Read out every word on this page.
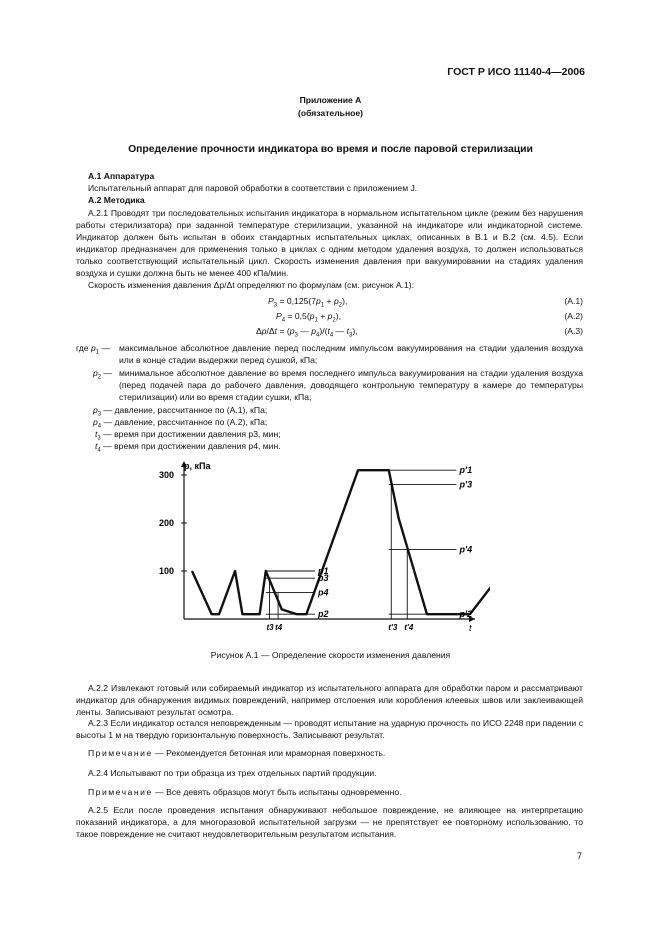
ГОСТ Р ИСО 11140-4—2006
Приложение А
(обязательное)
Определение прочности индикатора во время и после паровой стерилизации
А.1 Аппаратура
Испытательный аппарат для паровой обработки в соответствии с приложением J.
А.2 Методика

А.2.1 Проводят три последовательных испытания индикатора в нормальном испытательном цикле (режим без нарушения работы стерилизатора) при заданной температуре стерилизации, указанной на индикаторе или индикаторной системе. Индикатор должен быть испытан в обоих стандартных испытательных циклах, описанных в В.1 и В.2 (см. 4.5). Если индикатор предназначен для применения только в циклах с одним методом удаления воздуха, то должен использоваться только соответствующий испытательный цикл. Скорость изменения давления при вакуумировании на стадиях удаления воздуха и сушки должна быть не менее 400 кПа/мин.

Скорость изменения давления Δp/Δt определяют по формулам (см. рисунок А.1):
$P_3 = 0,125(7p_1 + p_2)$,	(А.1)
$P_4 = 0,5(p_1 + p_2)$,	(А.2)
$\Delta p/\Delta t = (p_3$ — $p_4)/(t_4$ — $t_3$),	(А.3)
где $p_1$ — максимальное абсолютное давление перед последним импульсом вакуумирования на стадии удаления воздуха или в конце стадии выдержки перед сушкой, кПа;

$p_2$ — минимальное абсолютное давление во время последнего импульса вакуумирования на стадии удаления воздуха (перед подачей пара до рабочего давления, доводящего контрольную температуру в камере до температуры стерилизации) или во время стадии сушки, кПа;

$p_3$ — давление, рассчитанное по (А.1), кПа;
$p_4$ — давление, рассчитанное по (А.2), кПа;
$t_3$ — время при достижении давления p3, мин;
$t_4$ — время при достижении давления p4, мин.
p, кПа
t
100
200
300
p1
p3
p4
p2
p'1
p'3
p'4
p'2
t3 t4	t'3 t'4
Рисунок А.1 — Определение скорости изменения давления

А.2.2 Извлекают готовый или собираемый индикатор из испытательного аппарата для обработки паром и рассматривают индикатор для обнаружения видимых повреждений, например отслоения или коробления клеевых швов или заклеивающей ленты. Записывают результат осмотра.

А.2.3 Если индикатор остался неповрежденным — проводят испытание на ударную прочность по ИСО 2248 при падении с высоты 1 м на твердую горизонтальную поверхность. Записывают результат.

Примечание — Рекомендуется бетонная или мраморная поверхность.
А.2.4 Испытывают по три образца из трех отдельных партий продукции.
Примечание — Все девять образцов могут быть испытаны одновременно.

А.2.5 Если после проведения испытания обнаруживают небольшое повреждение, не влияющее на интерпретацию показаний индикатора, а для многоразовой испытательной загрузки — не препятствует ее повторному использованию, то такое повреждение не считают неудовлетворительным результатом испытания.

7
